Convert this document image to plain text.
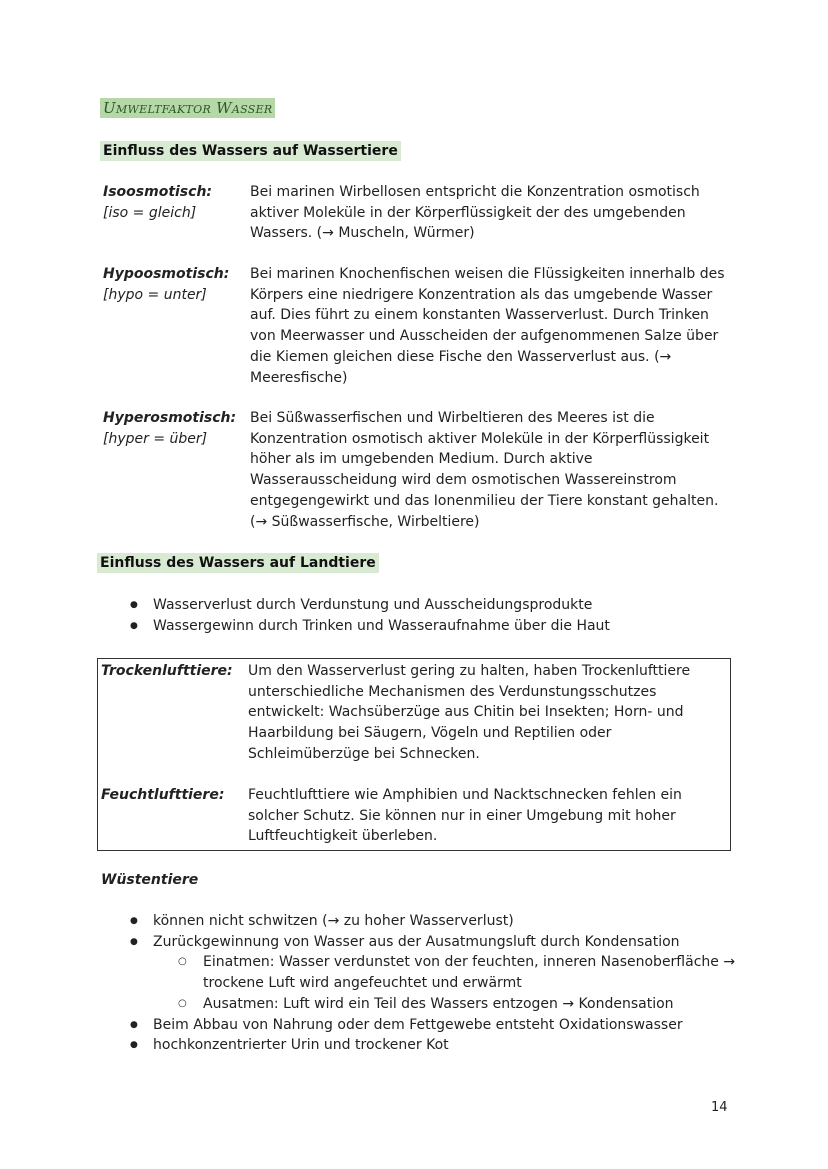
Umweltfaktor Wasser
Einfluss des Wassers auf Wassertiere
Isoosmotisch:
[iso = gleich]
Bei marinen Wirbellosen entspricht die Konzentration osmotisch aktiver Moleküle in der Körperflüssigkeit der des umgebenden Wassers. (→ Muscheln, Würmer)
Hypoosmotisch:
[hypo = unter]
Bei marinen Knochenfischen weisen die Flüssigkeiten innerhalb des Körpers eine niedrigere Konzentration als das umgebende Wasser auf. Dies führt zu einem konstanten Wasserverlust. Durch Trinken von Meerwasser und Ausscheiden der aufgenommenen Salze über die Kiemen gleichen diese Fische den Wasserverlust aus. (→ Meeresfische)
Hyperosmotisch:
[hyper = über]
Bei Süßwasserfischen und Wirbeltieren des Meeres ist die Konzentration osmotisch aktiver Moleküle in der Körperflüssigkeit höher als im umgebenden Medium. Durch aktive Wasserausscheidung wird dem osmotischen Wassereinstrom entgegengewirkt und das Ionenmilieu der Tiere konstant gehalten. (→ Süßwasserfische, Wirbeltiere)
Einfluss des Wassers auf Landtiere
● Wasserverlust durch Verdunstung und Ausscheidungsprodukte
● Wassergewinn durch Trinken und Wasseraufnahme über die Haut
Trockenlufttiere:	Um den Wasserverlust gering zu halten, haben Trockenlufttiere unterschiedliche Mechanismen des Verdunstungsschutzes entwickelt: Wachsüberzüge aus Chitin bei Insekten; Horn- und Haarbildung bei Säugern, Vögeln und Reptilien oder Schleimüberzüge bei Schnecken.
Feuchtlufttiere:	Feuchtlufttiere wie Amphibien und Nacktschnecken fehlen ein solcher Schutz. Sie können nur in einer Umgebung mit hoher Luftfeuchtigkeit überleben.
Wüstentiere
● können nicht schwitzen (→ zu hoher Wasserverlust)
● Zurückgewinnung von Wasser aus der Ausatmungsluft durch Kondensation
○ Einatmen: Wasser verdunstet von der feuchten, inneren Nasenoberfläche → trockene Luft wird angefeuchtet und erwärmt
○ Ausatmen: Luft wird ein Teil des Wassers entzogen → Kondensation
● Beim Abbau von Nahrung oder dem Fettgewebe entsteht Oxidationswasser
● hochkonzentrierter Urin und trockener Kot
14
